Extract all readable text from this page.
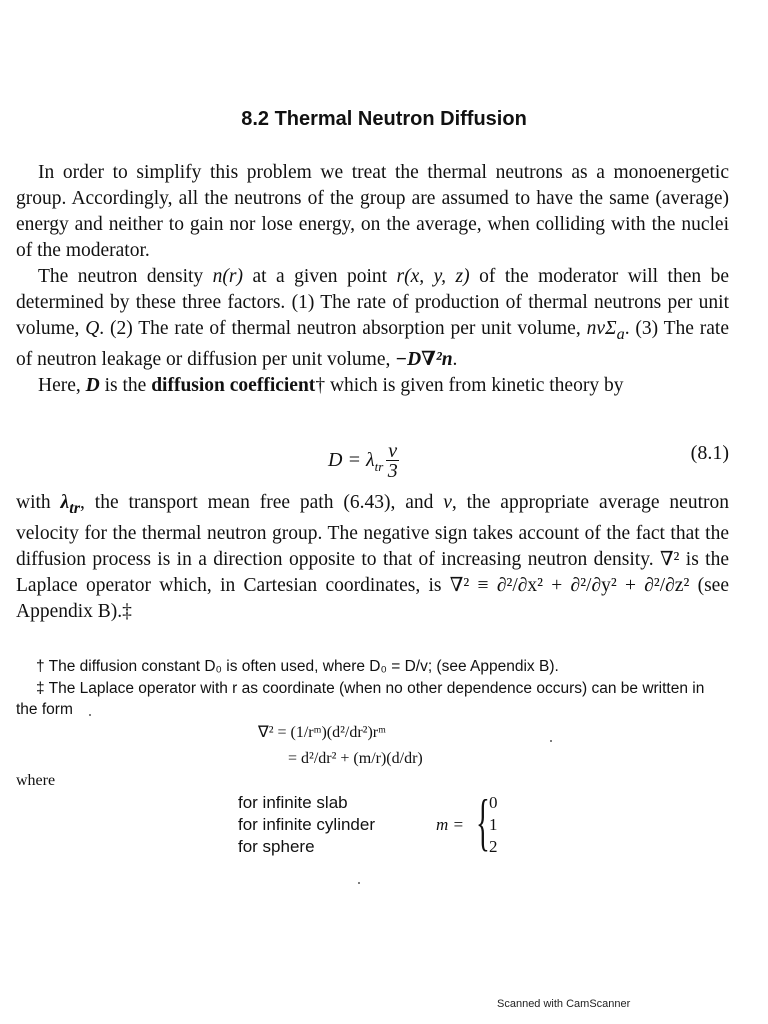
8.2 Thermal Neutron Diffusion

In order to simplify this problem we treat the thermal neutrons as a monoenergetic group. Accordingly, all the neutrons of the group are assumed to have the same (average) energy and neither to gain nor lose energy, on the average, when colliding with the nuclei of the moderator.

The neutron density n(r) at a given point r(x, y, z) of the moderator will then be determined by these three factors. (1) The rate of production of thermal neutrons per unit volume, Q. (2) The rate of thermal neutron absorption per unit volume, nvΣ$_a$. (3) The rate of neutron leakage or diffusion per unit volume, −D∇²n.

Here, D is the diffusion coefficient† which is given from kinetic theory by

$D = \lambda_{tr} \frac{v}{3}$	(8.1)
with $\lambda_{tr}$, the transport mean free path (6.43), and v, the appropriate average neutron velocity for the thermal neutron group. The negative sign takes account of the fact that the diffusion process is in a direction opposite to that of increasing neutron density. ∇² is the Laplace operator which, in Cartesian coordinates, is ∇² ≡ ∂²/∂x² + ∂²/∂y² + ∂²/∂z² (see Appendix B).‡
† The diffusion constant D₀ is often used, where D₀ = D/v; (see Appendix B).
‡ The Laplace operator with r as coordinate (when no other dependence occurs) can be written in the form
∇² = (1/rᵐ)(d²/dr²)rᵐ
= d²/dr² + (m/r)(d/dr)
where
for infinite slab
for infinite cylinder
for sphere
m = { 0
1
2
Scanned with CamScanner
